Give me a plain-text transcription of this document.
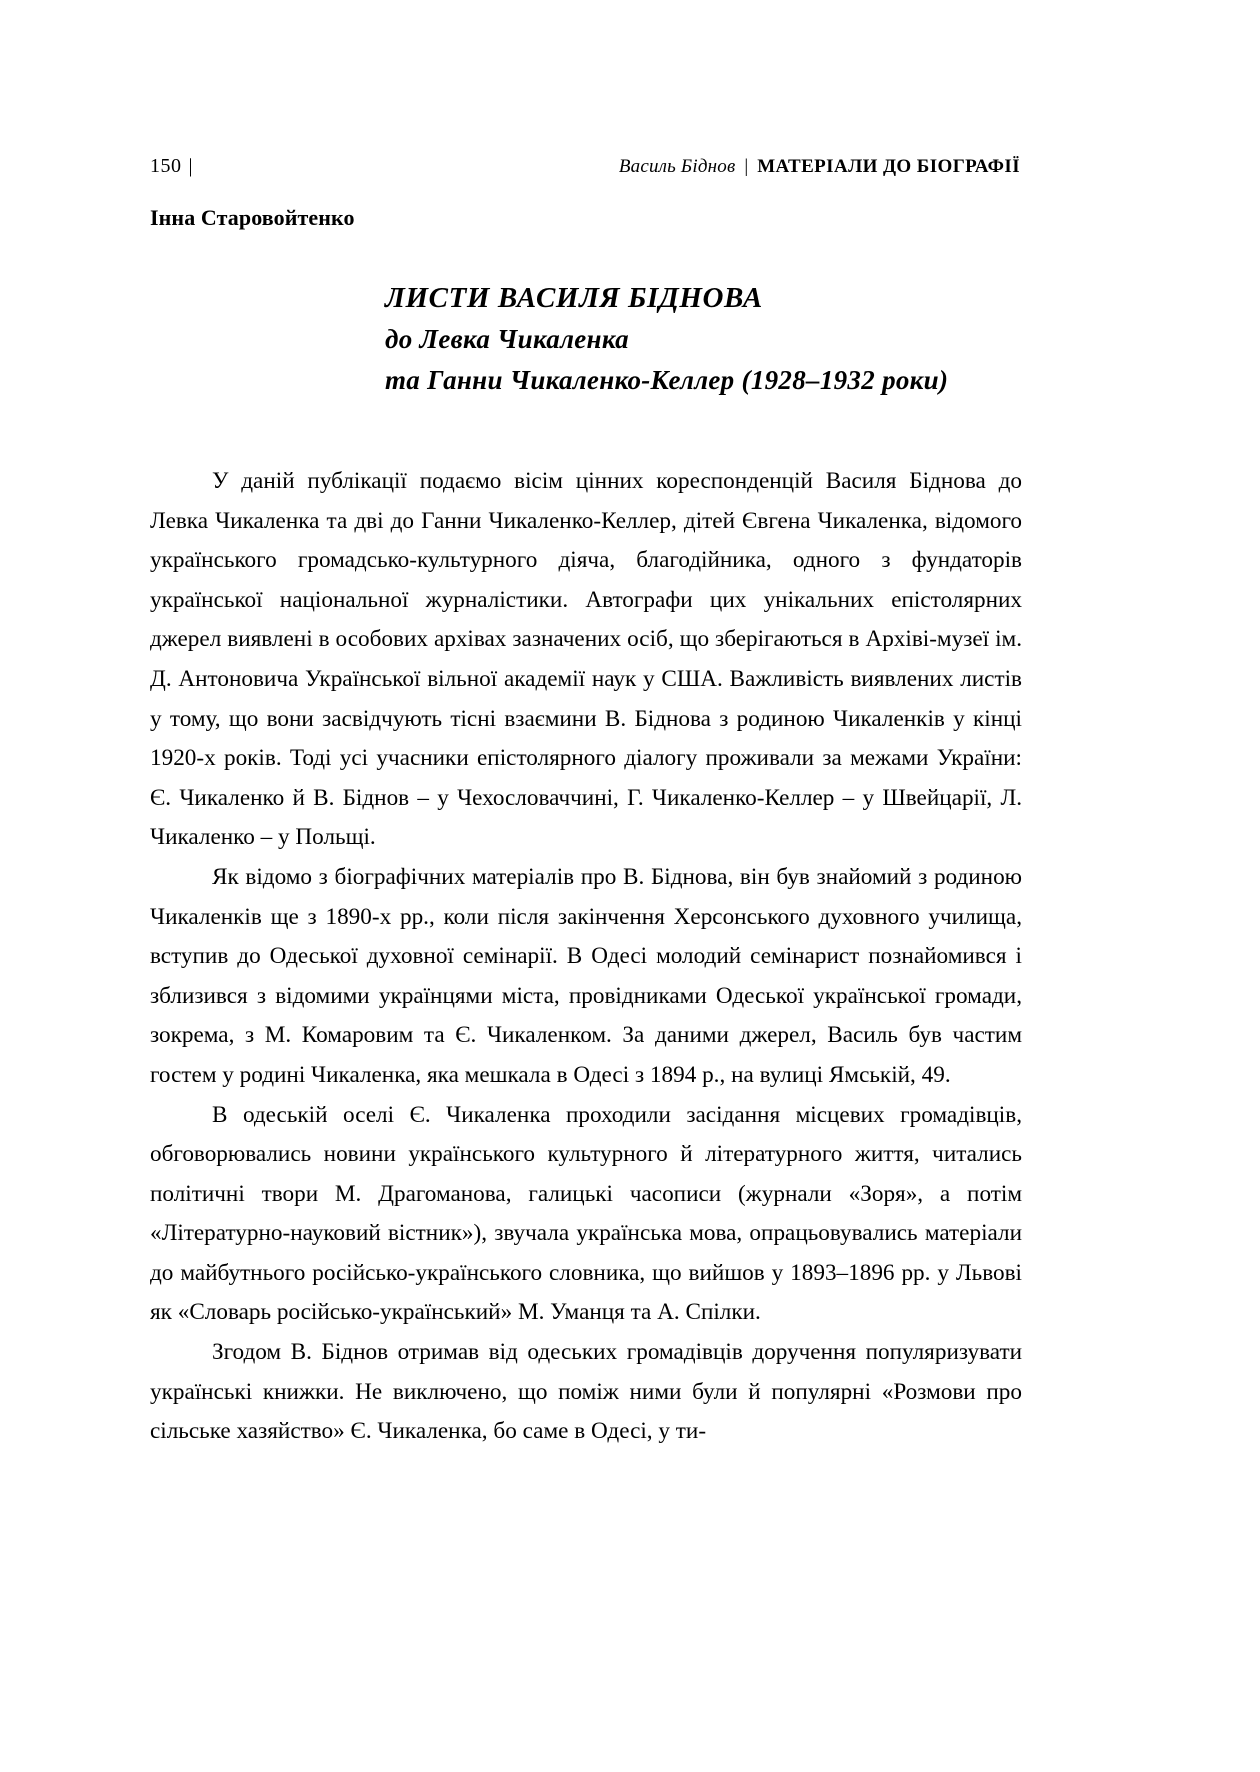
150 |	Василь Біднов | МАТЕРІАЛИ ДО БІОГРАФІЇ
Інна Старовойтенко
ЛИСТИ ВАСИЛЯ БІДНОВА
до Левка Чикаленка
та Ганни Чикаленко-Келлер (1928–1932 роки)

У даній публікації подаємо вісім цінних кореспонденцій Василя Біднова до Левка Чикаленка та дві до Ганни Чикаленко-Келлер, дітей Євгена Чикаленка, відомого українського громадсько-культурного діяча, благодійника, одного з фундаторів української національної журналістики. Автографи цих унікальних епістолярних джерел виявлені в особових архівах зазначених осіб, що зберігаються в Архіві-музеї ім. Д. Антоновича Української вільної академії наук у США. Важливість виявлених листів у тому, що вони засвідчують тісні взаємини В. Біднова з родиною Чикаленків у кінці 1920-х років. Тоді усі учасники епістолярного діалогу проживали за межами України: Є. Чикаленко й В. Біднов – у Чехословаччині, Г. Чикаленко-Келлер – у Швейцарії, Л. Чикаленко – у Польщі.

Як відомо з біографічних матеріалів про В. Біднова, він був знайомий з родиною Чикаленків ще з 1890-х рр., коли після закінчення Херсонського духовного училища, вступив до Одеської духовної семінарії. В Одесі молодий семінарист познайомився і зблизився з відомими українцями міста, провідниками Одеської української громади, зокрема, з М. Комаровим та Є. Чикаленком. За даними джерел, Василь був частим гостем у родині Чикаленка, яка мешкала в Одесі з 1894 р., на вулиці Ямській, 49.

В одеській оселі Є. Чикаленка проходили засідання місцевих громадівців, обговорювались новини українського культурного й літературного життя, читались політичні твори М. Драгоманова, галицькі часописи (журнали «Зоря», а потім «Літературно-науковий вістник»), звучала українська мова, опрацьовувались матеріали до майбутнього російсько-українського словника, що вийшов у 1893–1896 рр. у Львові як «Словарь російсько-український» М. Уманця та А. Спілки.

Згодом В. Біднов отримав від одеських громадівців доручення популяризувати українські книжки. Не виключено, що поміж ними були й популярні «Розмови про сільське хазяйство» Є. Чикаленка, бо саме в Одесі, у ти-
